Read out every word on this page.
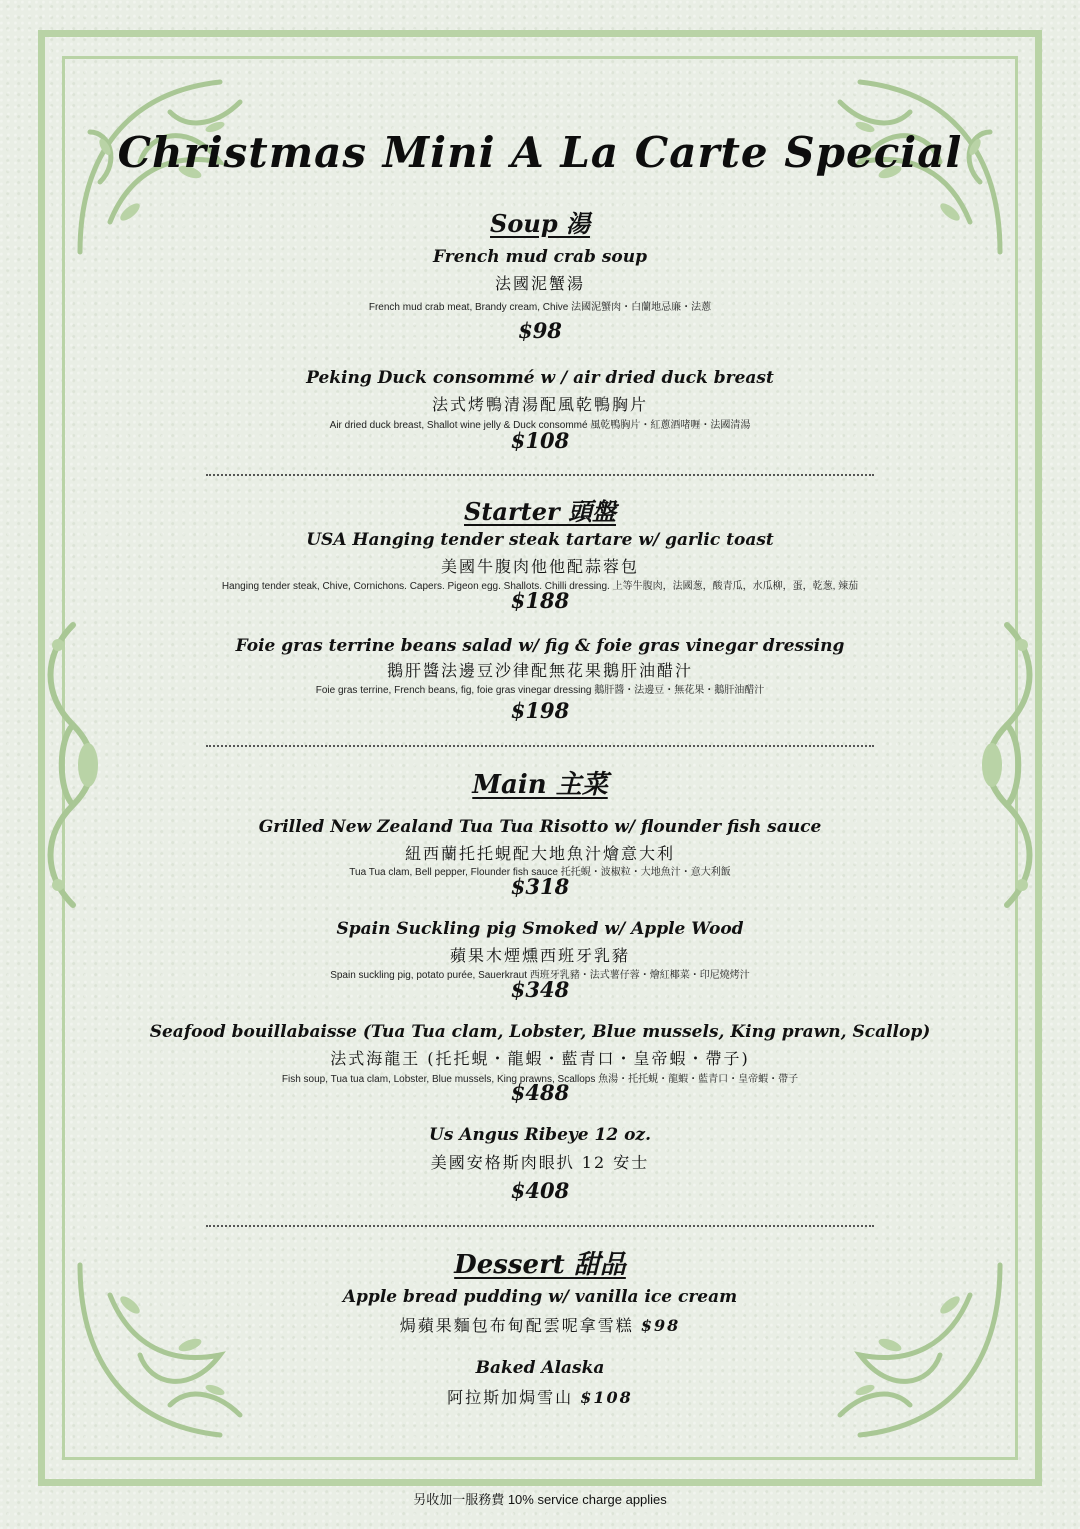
Christmas Mini A La Carte Special
Soup 湯
French mud crab soup
法國泥蟹湯
French mud crab meat, Brandy cream, Chive 法國泥蟹肉・白蘭地忌廉・法蔥
$98
Peking Duck consommé w / air dried duck breast
法式烤鴨清湯配風乾鴨胸片
Air dried duck breast, Shallot wine jelly & Duck consommé 風乾鴨胸片・紅蔥酒啫喱・法國清湯
$108
Starter 頭盤
USA Hanging tender steak tartare w/ garlic toast
美國牛腹肉他他配蒜蓉包
Hanging tender steak, Chive, Cornichons. Capers. Pigeon egg. Shallots. Chilli dressing. 上等牛腹肉，法國葱，酸青瓜，水瓜柳，蛋，乾葱, 辣茄
$188
Foie gras terrine beans salad w/ fig & foie gras vinegar dressing
鵝肝醬法邊豆沙律配無花果鵝肝油醋汁
Foie gras terrine, French beans, fig, foie gras vinegar dressing 鵝肝醬・法邊豆・無花果・鵝肝油醋汁
$198
Main 主菜
Grilled New Zealand Tua Tua Risotto w/ flounder fish sauce
紐西蘭托托蜆配大地魚汁燴意大利
Tua Tua clam, Bell pepper, Flounder fish sauce 托托蜆・波椒粒・大地魚汁・意大利飯
$318
Spain Suckling pig Smoked w/ Apple Wood
蘋果木煙燻西班牙乳豬
Spain suckling pig, potato purée, Sauerkraut 西班牙乳豬・法式薯仔蓉・燴紅椰菜・印尼燒烤汁
$348
Seafood bouillabaisse (Tua Tua clam, Lobster, Blue mussels, King prawn, Scallop)
法式海龍王 (托托蜆・龍蝦・藍青口・皇帝蝦・帶子)
Fish soup, Tua tua clam, Lobster, Blue mussels, King prawns, Scallops 魚湯・托托蜆・龍蝦・藍青口・皇帝蝦・帶子
$488
Us Angus Ribeye 12 oz.
美國安格斯肉眼扒 12 安士
$408
Dessert 甜品
Apple bread pudding w/ vanilla ice cream
焗蘋果麵包布甸配雲呢拿雪糕 $98
Baked Alaska
阿拉斯加焗雪山 $108
另收加一服務費 10% service charge applies
